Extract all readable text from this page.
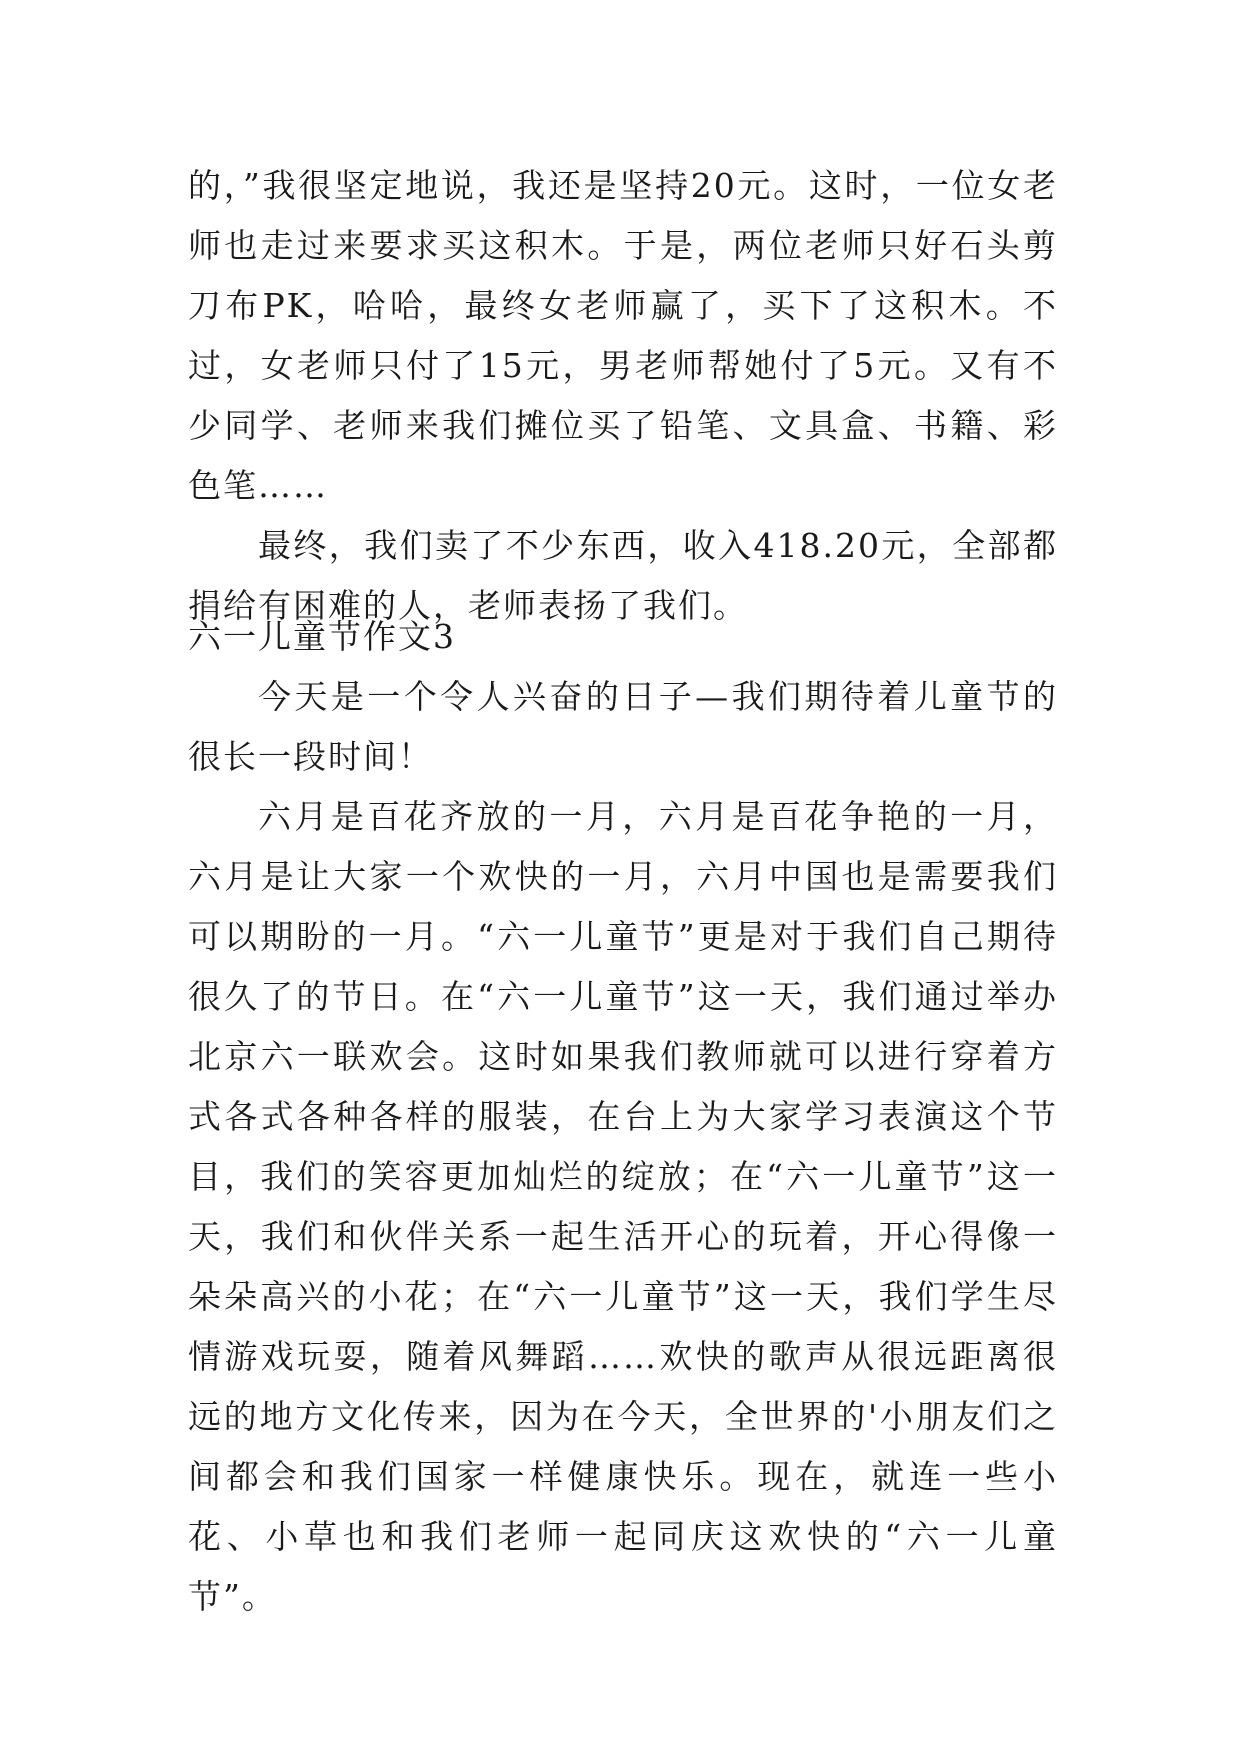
的，”我很坚定地说，我还是坚持20元。这时，一位女老师也走过来要求买这积木。于是，两位老师只好石头剪刀布PK，哈哈，最终女老师赢了，买下了这积木。不过，女老师只付了15元，男老师帮她付了5元。又有不少同学、老师来我们摊位买了铅笔、文具盒、书籍、彩色笔……

最终，我们卖了不少东西，收入418.20元，全部都捐给有困难的人，老师表扬了我们。

六一儿童节作文3

今天是一个令人兴奋的日子—我们期待着儿童节的很长一段时间！

六月是百花齐放的一月，六月是百花争艳的一月，六月是让大家一个欢快的一月，六月中国也是需要我们可以期盼的一月。“六一儿童节”更是对于我们自己期待很久了的节日。在“六一儿童节”这一天，我们通过举办北京六一联欢会。这时如果我们教师就可以进行穿着方式各式各种各样的服装，在台上为大家学习表演这个节目，我们的笑容更加灿烂的绽放；在“六一儿童节”这一天，我们和伙伴关系一起生活开心的玩着，开心得像一朵朵高兴的小花；在“六一儿童节”这一天，我们学生尽情游戏玩耍，随着风舞蹈……欢快的歌声从很远距离很远的地方文化传来，因为在今天，全世界的'小朋友们之间都会和我们国家一样健康快乐。现在，就连一些小花、小草也和我们老师一起同庆这欢快的“六一儿童节”。
